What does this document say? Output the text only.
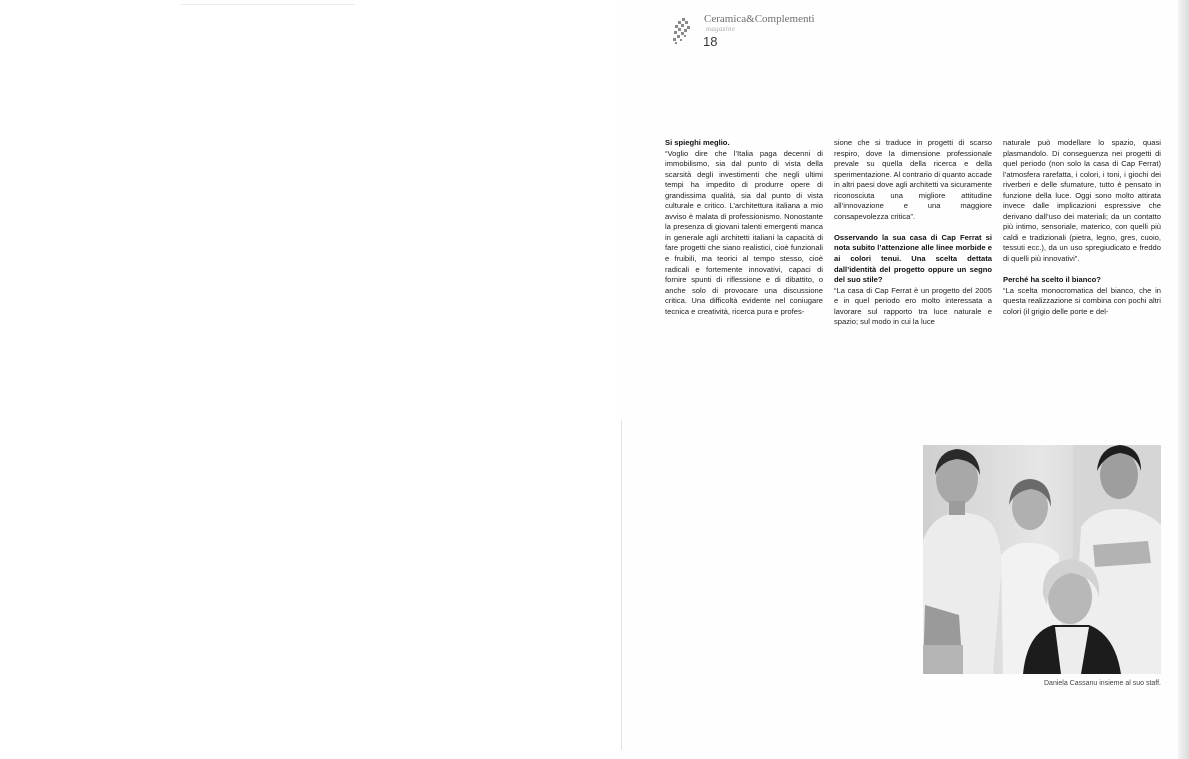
Ceramica&Complementi
magazine
18

Si spieghi meglio.

“Voglio dire che l’Italia paga decenni di immobilismo, sia dal punto di vista della scarsità degli investimenti che negli ultimi tempi ha impedito di produrre opere di grandissima qualità, sia dal punto di vista culturale e critico. L’architettura italiana a mio avviso è malata di professionismo. Nonostante la presenza di giovani talenti emergenti manca in generale agli architetti italiani la capacità di fare progetti che siano realistici, cioè funzionali e fruibili, ma teorici al tempo stesso, cioè radicali e fortemente innovativi, capaci di fornire spunti di riflessione e di dibattito, o anche solo di provocare una discussione critica. Una difficoltà evidente nel coniugare tecnica e creatività, ricerca pura e profes-

sione che si traduce in progetti di scarso respiro, dove la dimensione professionale prevale su quella della ricerca e della sperimentazione. Al contrario di quanto accade in altri paesi dove agli architetti va sicuramente riconosciuta una migliore attitudine all’innovazione e una maggiore consapevolezza critica”.

Osservando la sua casa di Cap Ferrat si nota subito l’attenzione alle linee morbide e ai colori tenui. Una scelta dettata dall’identità del progetto oppure un segno del suo stile?

“La casa di Cap Ferrat è un progetto del 2005 e in quel periodo ero molto interessata a lavorare sul rapporto tra luce naturale e spazio; sul modo in cui la luce

naturale può modellare lo spazio, quasi plasmandolo. Di conseguenza nei progetti di quel periodo (non solo la casa di Cap Ferrat) l’atmosfera rarefatta, i colori, i toni, i giochi dei riverberi e delle sfumature, tutto è pensato in funzione della luce. Oggi sono molto attirata invece dalle implicazioni espressive che derivano dall’uso dei materiali; da un contatto più intimo, sensoriale, materico, con quelli più caldi e tradizionali (pietra, legno, gres, cuoio, tessuti ecc.), da un uso spregiudicato e freddo di quelli più innovativi”.

Perché ha scelto il bianco?

“La scelta monocromatica del bianco, che in questa realizzazione si combina con pochi altri colori (il grigio delle porte e del-

Daniela Cassanu insieme al suo staff.
